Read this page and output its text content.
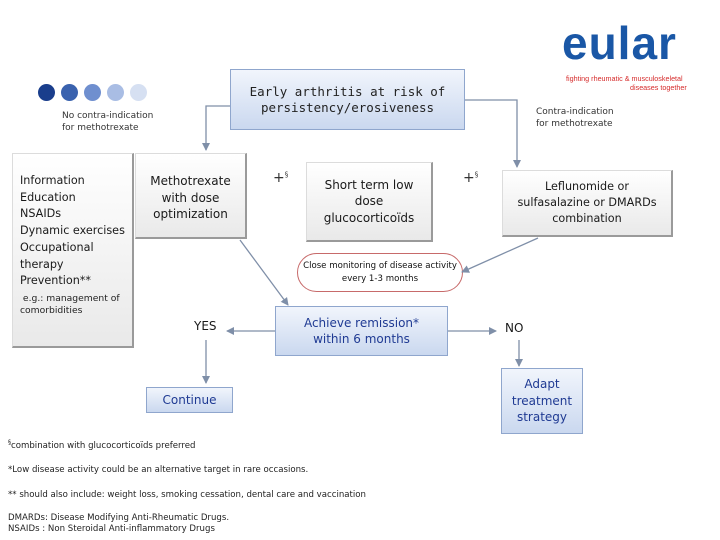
eular
fighting rheumatic & musculoskeletal
diseases together
Early arthritis at risk of
persistency/erosiveness
No contra-indication
for methotrexate
Contra-indication
for methotrexate
Information
Education
NSAIDs
Dynamic exercises
Occupational
therapy
Prevention**
e.g.: management of
comorbidities
Methotrexate
with dose
optimization
+§	+§
Short term low
dose
glucocorticoïds
Leflunomide or
sulfasalazine or DMARDs
combination
Close monitoring of disease activity
every 1-3 months
Achieve remission*
within 6 months
YES	NO
Continue
Adapt
treatment
strategy
§combination with glucocorticoïds preferred
*Low disease activity could be an alternative target in rare occasions.
** should also include: weight loss, smoking cessation, dental care and vaccination
DMARDs: Disease Modifying Anti-Rheumatic Drugs.
NSAIDs : Non Steroidal Anti-inflammatory Drugs
